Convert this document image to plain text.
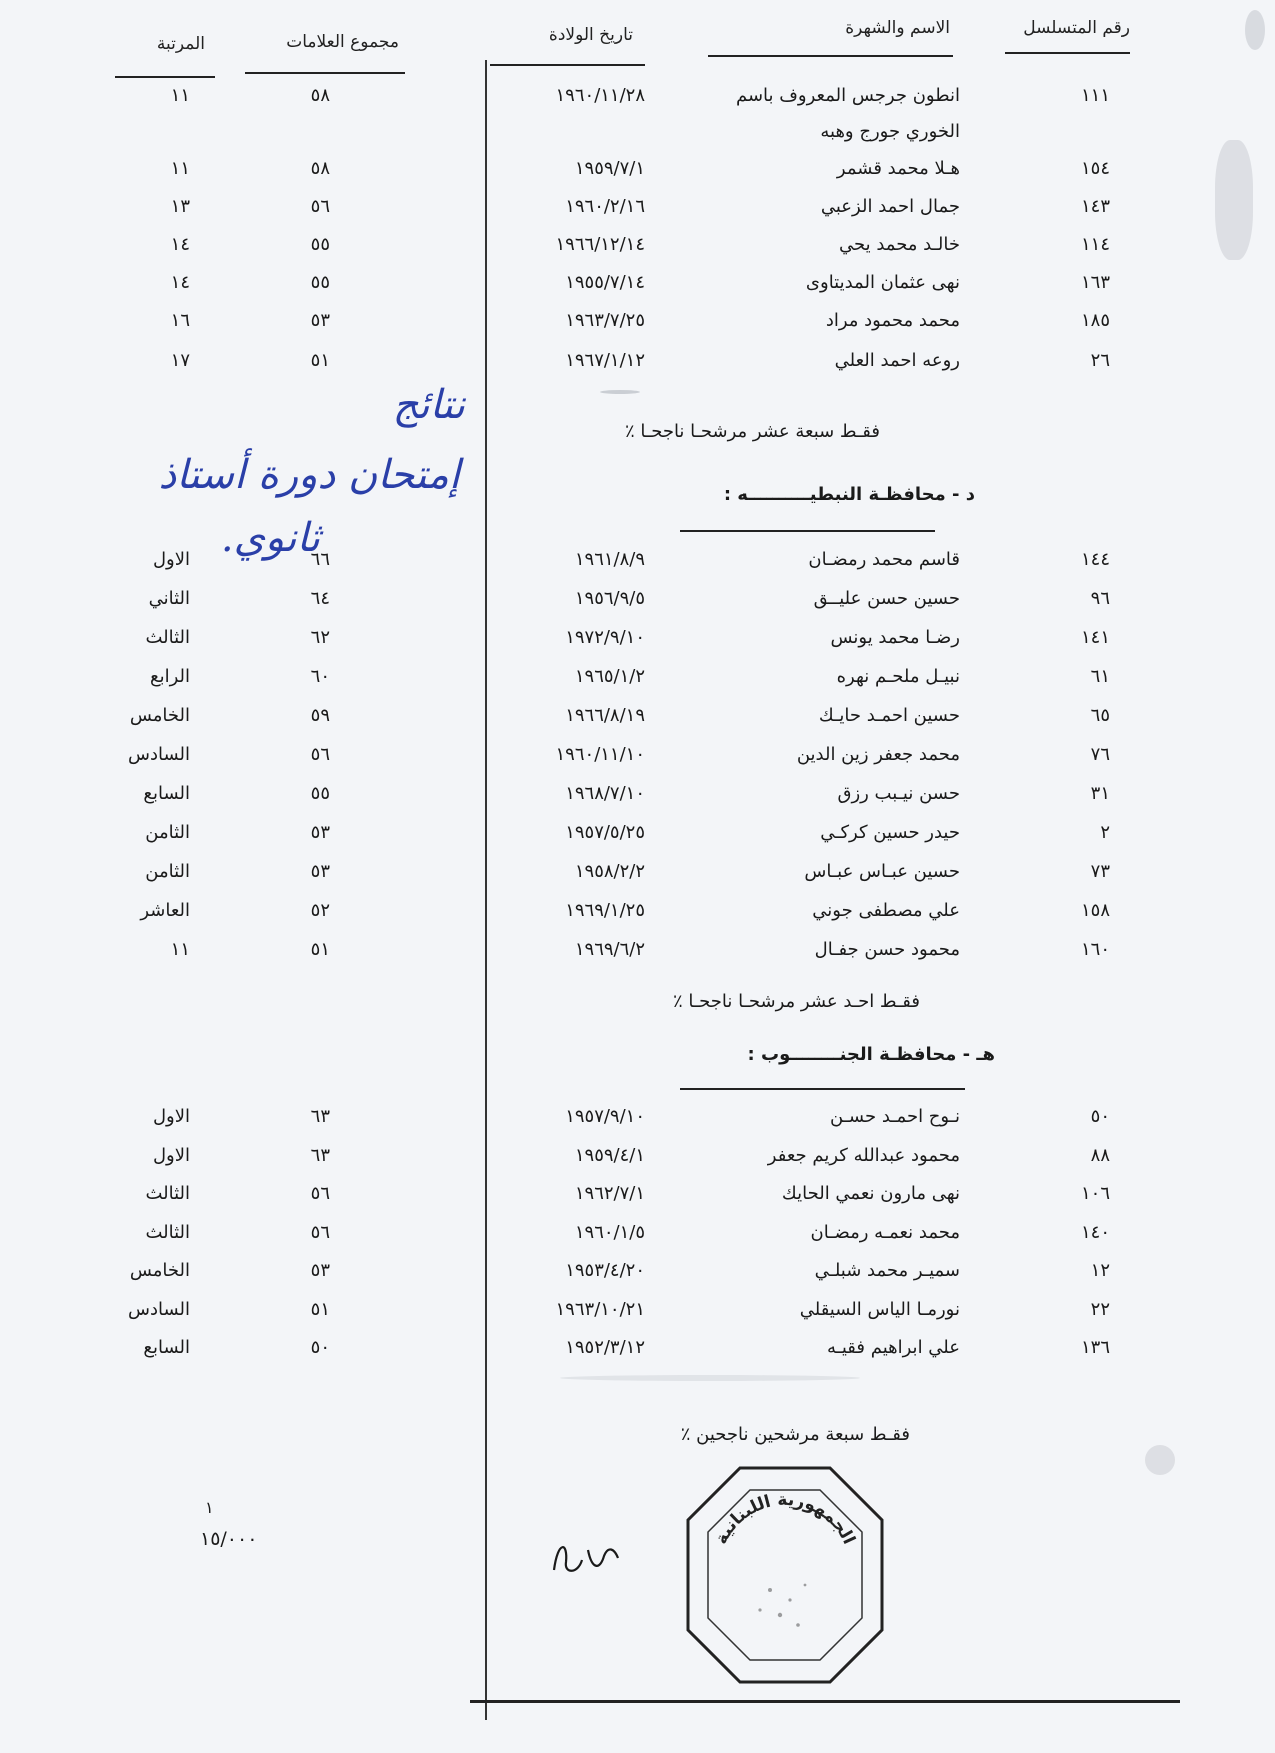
رقم المتسلسل
الاسم والشهرة
تاريخ الولادة
مجموع العلامات
المرتبة
١١١
انطون جرجس المعروف باسم
١٩٦٠/١١/٢٨
٥٨
١١
الخوري جورج وهبه
١٥٤
هـلا محمد قشمر
١٩٥٩/٧/١
٥٨
١١
١٤٣
جمال احمد الزعبي
١٩٦٠/٢/١٦
٥٦
١٣
١١٤
خالـد محمد يحي
١٩٦٦/١٢/١٤
٥٥
١٤
١٦٣
نهى عثمان المديتاوى
١٩٥٥/٧/١٤
٥٥
١٤
١٨٥
محمد محمود مراد
١٩٦٣/٧/٢٥
٥٣
١٦
٢٦
روعه احمد العلي
١٩٦٧/١/١٢
٥١
١٧
فقـط سبعة عشر مرشحـا ناجحـا ٪
د - محافظـة النبطيــــــــــه :
١٤٤
قاسم محمد رمضـان
١٩٦١/٨/٩
٦٦
الاول
٩٦
حسين حسن عليــق
١٩٥٦/٩/٥
٦٤
الثاني
١٤١
رضـا محمد يونس
١٩٧٢/٩/١٠
٦٢
الثالث
٦١
نبيـل ملحـم نهره
١٩٦٥/١/٢
٦٠
الرابع
٦٥
حسين احمـد حايـك
١٩٦٦/٨/١٩
٥٩
الخامس
٧٦
محمد جعفر زين الدين
١٩٦٠/١١/١٠
٥٦
السادس
٣١
حسن نيـبب رزق
١٩٦٨/٧/١٠
٥٥
السابع
٢
حيدر حسين كركـي
١٩٥٧/٥/٢٥
٥٣
الثامن
٧٣
حسين عبـاس عبـاس
١٩٥٨/٢/٢
٥٣
الثامن
١٥٨
علي مصطفى جوني
١٩٦٩/١/٢٥
٥٢
العاشر
١٦٠
محمود حسن جفـال
١٩٦٩/٦/٢
٥١
١١
فقـط احـد عشر مرشحـا ناجحـا ٪
هـ - محافظـة الجنــــــــوب :
٥٠
نـوح احمـد حسـن
١٩٥٧/٩/١٠
٦٣
الاول
٨٨
محمود عبدالله كريم جعفر
١٩٥٩/٤/١
٦٣
الاول
١٠٦
نهى مارون نعمي الحايك
١٩٦٢/٧/١
٥٦
الثالث
١٤٠
محمد نعمـه رمضـان
١٩٦٠/١/٥
٥٦
الثالث
١٢
سميـر محمد شبلـي
١٩٥٣/٤/٢٠
٥٣
الخامس
٢٢
نورمـا الياس السيقلي
١٩٦٣/١٠/٢١
٥١
السادس
١٣٦
علي ابراهيم فقيـه
١٩٥٢/٣/١٢
٥٠
السابع
فقـط سبعة مرشحين ناجحين ٪
نتائج
إمتحان دورة أستاذ
ثانوي.
١
١٥/٠٠٠	الجمهورية اللبنانية
